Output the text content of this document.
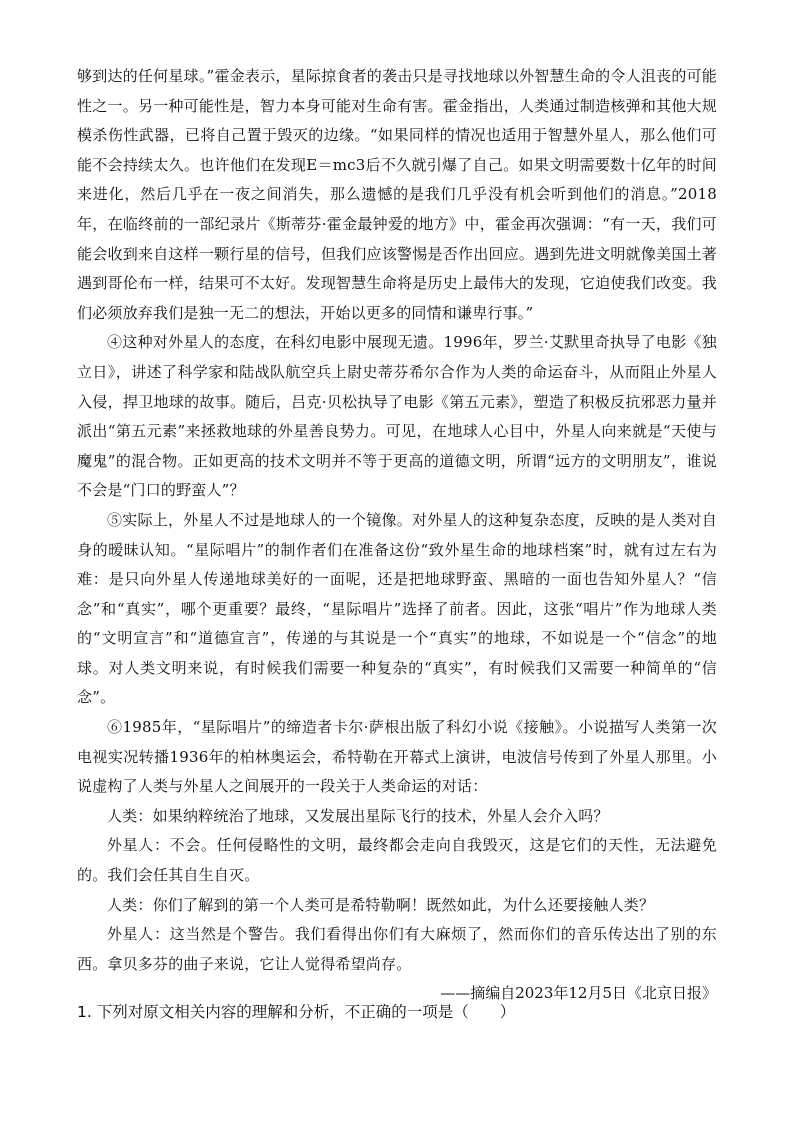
够到达的任何星球。”霍金表示，星际掠食者的袭击只是寻找地球以外智慧生命的令人沮丧的可能性之一。另一种可能性是，智力本身可能对生命有害。霍金指出，人类通过制造核弹和其他大规模杀伤性武器，已将自己置于毁灭的边缘。“如果同样的情况也适用于智慧外星人，那么他们可能不会持续太久。也许他们在发现E＝mc3后不久就引爆了自己。如果文明需要数十亿年的时间来进化，然后几乎在一夜之间消失，那么遗憾的是我们几乎没有机会听到他们的消息。”2018年，在临终前的一部纪录片《斯蒂芬·霍金最钟爱的地方》中，霍金再次强调：“有一天，我们可能会收到来自这样一颗行星的信号，但我们应该警惕是否作出回应。遇到先进文明就像美国土著遇到哥伦布一样，结果可不太好。发现智慧生命将是历史上最伟大的发现，它迫使我们改变。我们必须放弃我们是独一无二的想法，开始以更多的同情和谦卑行事。”

④这种对外星人的态度，在科幻电影中展现无遗。1996年，罗兰·艾默里奇执导了电影《独立日》，讲述了科学家和陆战队航空兵上尉史蒂芬希尔合作为人类的命运奋斗，从而阻止外星人入侵，捍卫地球的故事。随后，吕克·贝松执导了电影《第五元素》，塑造了积极反抗邪恶力量并派出“第五元素”来拯救地球的外星善良势力。可见，在地球人心目中，外星人向来就是“天使与魔鬼”的混合物。正如更高的技术文明并不等于更高的道德文明，所谓“远方的文明朋友”，谁说不会是“门口的野蛮人”？

⑤实际上，外星人不过是地球人的一个镜像。对外星人的这种复杂态度，反映的是人类对自身的暧昧认知。“星际唱片”的制作者们在准备这份“致外星生命的地球档案”时，就有过左右为难：是只向外星人传递地球美好的一面呢，还是把地球野蛮、黑暗的一面也告知外星人？“信念”和“真实”，哪个更重要？最终，“星际唱片”选择了前者。因此，这张“唱片”作为地球人类的“文明宣言”和“道德宣言”，传递的与其说是一个“真实”的地球，不如说是一个“信念”的地球。对人类文明来说，有时候我们需要一种复杂的“真实”，有时候我们又需要一种简单的“信念”。

⑥1985年，“星际唱片”的缔造者卡尔·萨根出版了科幻小说《接触》。小说描写人类第一次电视实况转播1936年的柏林奥运会，希特勒在开幕式上演讲，电波信号传到了外星人那里。小说虚构了人类与外星人之间展开的一段关于人类命运的对话：

人类：如果纳粹统治了地球，又发展出星际飞行的技术，外星人会介入吗？

外星人：不会。任何侵略性的文明，最终都会走向自我毁灭，这是它们的天性，无法避免的。我们会任其自生自灭。

人类：你们了解到的第一个人类可是希特勒啊！既然如此，为什么还要接触人类？

外星人：这当然是个警告。我们看得出你们有大麻烦了，然而你们的音乐传达出了别的东西。拿贝多芬的曲子来说，它让人觉得希望尚存。

——摘编自2023年12月5日《北京日报》

1. 下列对原文相关内容的理解和分析，不正确的一项是（　　）
